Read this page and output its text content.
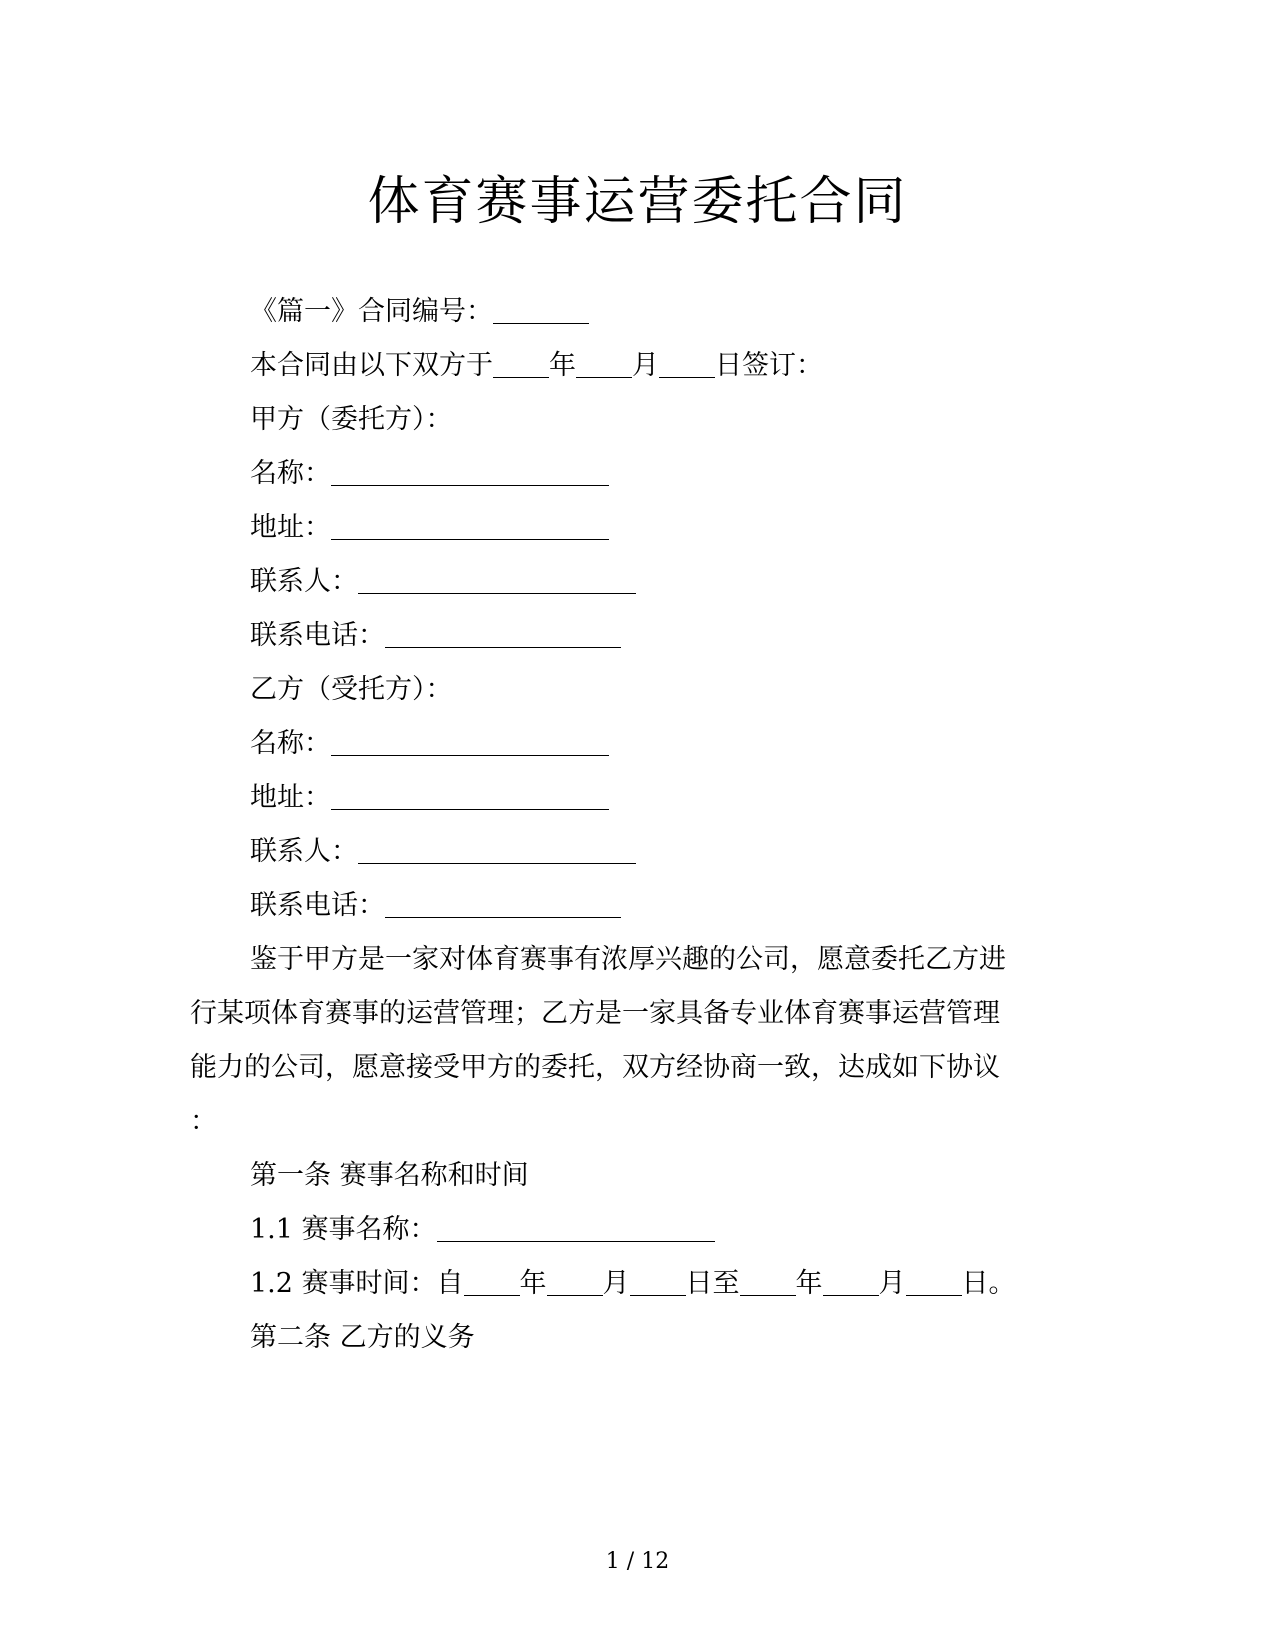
体育赛事运营委托合同
《篇一》合同编号：
本合同由以下双方于 年 月 日签订：
甲方（委托方）：
名称：
地址：
联系人：
联系电话：
乙方（受托方）：
名称：
地址：
联系人：
联系电话：
鉴于甲方是一家对体育赛事有浓厚兴趣的公司，愿意委托乙方进
行某项体育赛事的运营管理；乙方是一家具备专业体育赛事运营管理
能力的公司，愿意接受甲方的委托，双方经协商一致，达成如下协议
：
第一条 赛事名称和时间
1.1 赛事名称：
1.2 赛事时间：自 年 月 日至 年 月 日。
第二条 乙方的义务
1 / 12
